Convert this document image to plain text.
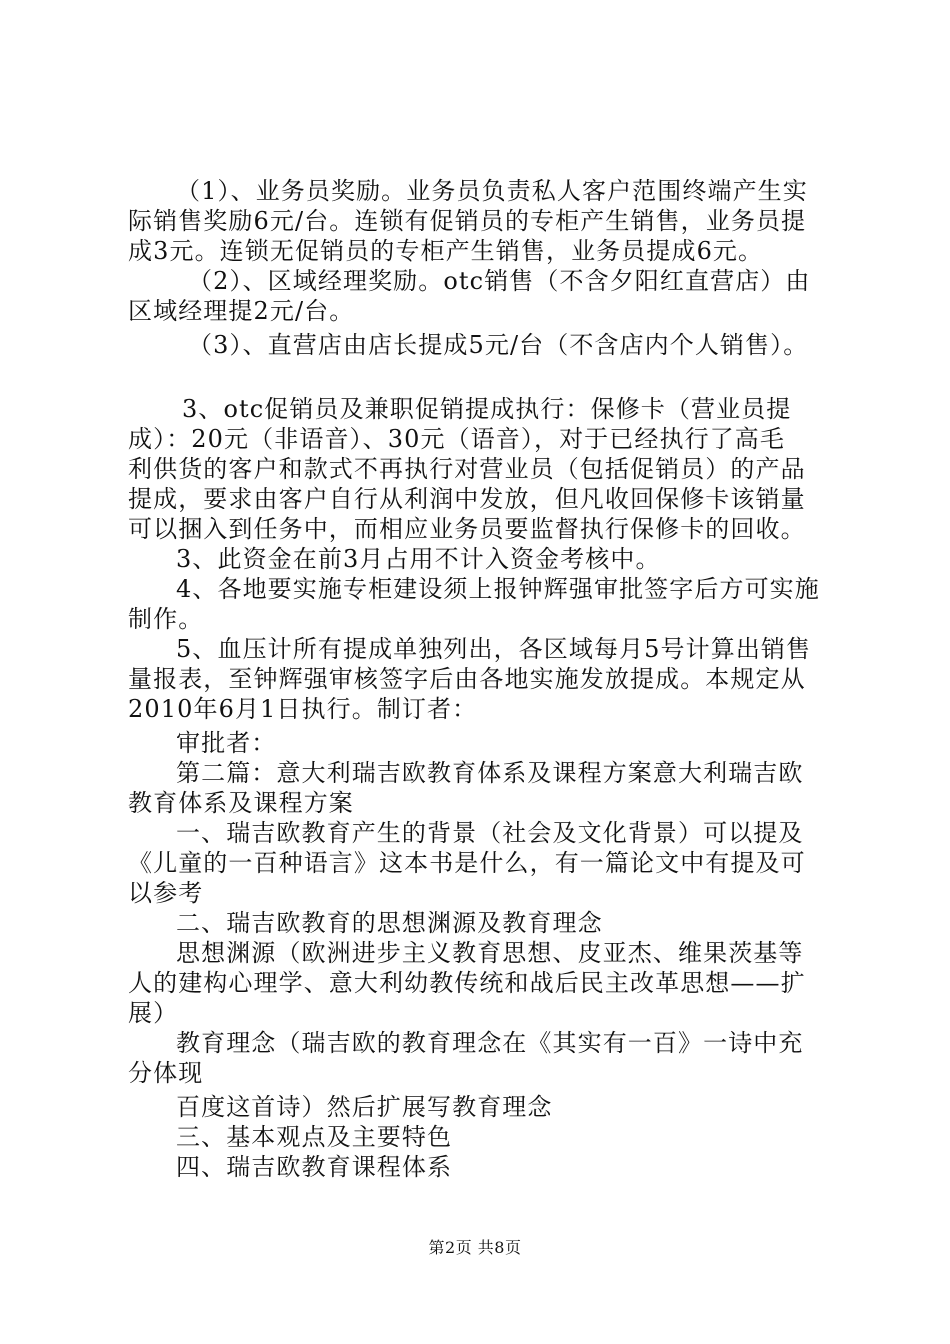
（1）、业务员奖励。业务员负责私人客户范围终端产生实
际销售奖励6元/台。连锁有促销员的专柜产生销售，业务员提
成3元。连锁无促销员的专柜产生销售，业务员提成6元。
（2）、区域经理奖励。otc销售（不含夕阳红直营店）由
区域经理提2元/台。
（3）、直营店由店长提成5元/台（不含店内个人销售）。
3、otc促销员及兼职促销提成执行：保修卡（营业员提
成）：20元（非语音）、30元（语音），对于已经执行了高毛
利供货的客户和款式不再执行对营业员（包括促销员）的产品
提成，要求由客户自行从利润中发放，但凡收回保修卡该销量
可以捆入到任务中，而相应业务员要监督执行保修卡的回收。
3、此资金在前3月占用不计入资金考核中。
4、各地要实施专柜建设须上报钟辉强审批签字后方可实施
制作。
5、血压计所有提成单独列出，各区域每月5号计算出销售
量报表，至钟辉强审核签字后由各地实施发放提成。本规定从
2010年6月1日执行。制订者：
审批者：
第二篇：意大利瑞吉欧教育体系及课程方案意大利瑞吉欧
教育体系及课程方案
一、瑞吉欧教育产生的背景（社会及文化背景）可以提及
《儿童的一百种语言》这本书是什么，有一篇论文中有提及可
以参考
二、瑞吉欧教育的思想渊源及教育理念
思想渊源（欧洲进步主义教育思想、皮亚杰、维果茨基等
人的建构心理学、意大利幼教传统和战后民主改革思想——扩
展）
教育理念（瑞吉欧的教育理念在《其实有一百》一诗中充
分体现
百度这首诗）然后扩展写教育理念
三、基本观点及主要特色
四、瑞吉欧教育课程体系
第2页 共8页
